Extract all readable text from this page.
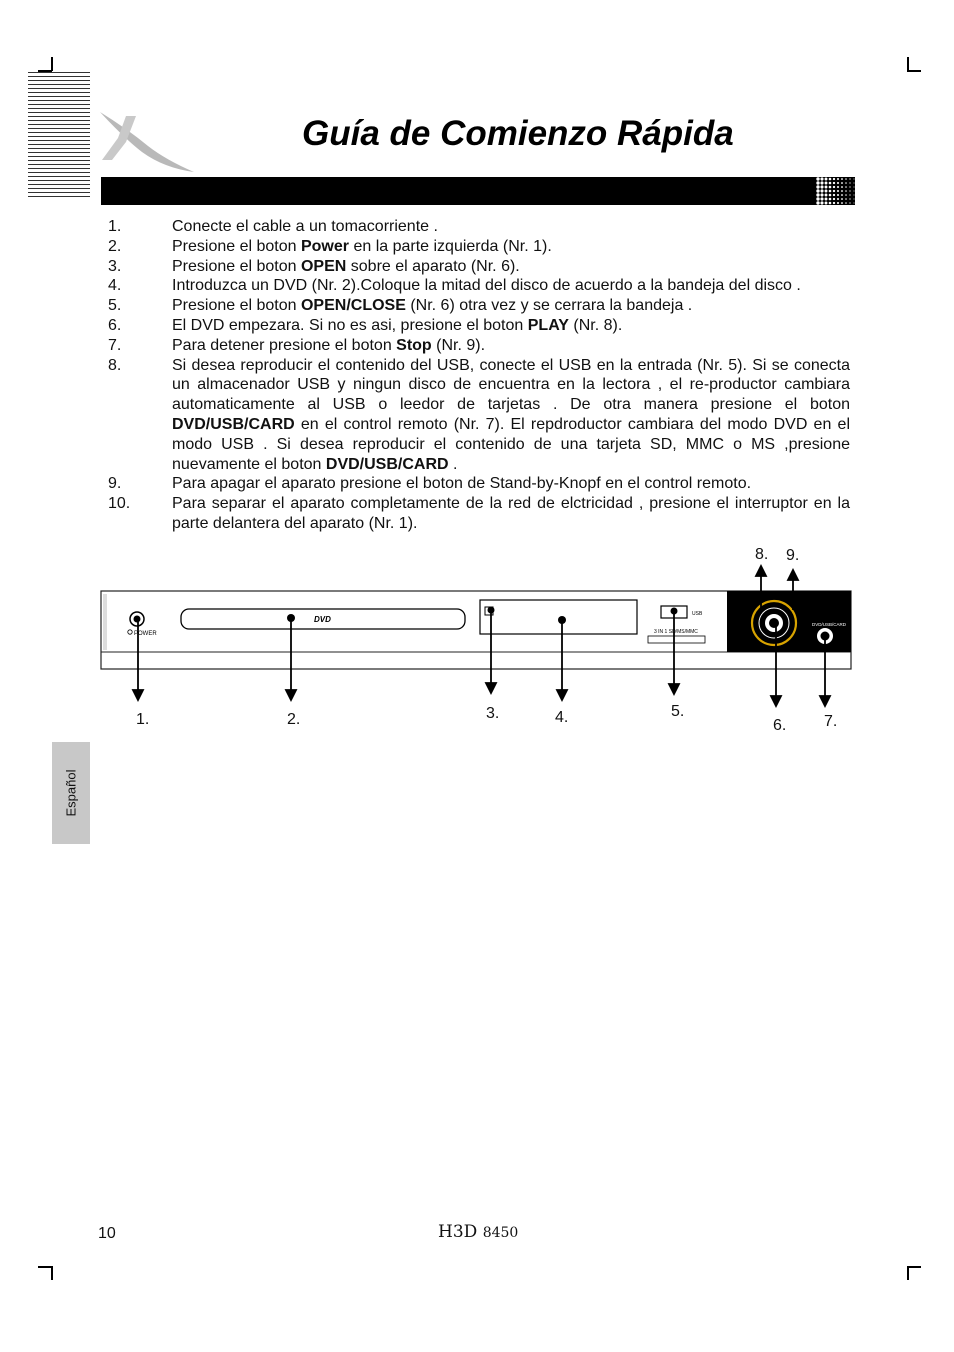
Guía de Comienzo Rápida
1.	Conecte el cable a un tomacorriente .
2.	Presione el boton Power en la parte izquierda (Nr. 1).
3.	Presione el boton OPEN sobre el aparato (Nr. 6).
4.	Introduzca un DVD (Nr. 2).Coloque la mitad del disco de acuerdo a la bandeja del disco .
5.	Presione el boton OPEN/CLOSE (Nr. 6) otra vez y se cerrara la bandeja .
6.	El DVD empezara. Si no es asi, presione el boton PLAY (Nr. 8).
7.	Para detener presione el boton Stop (Nr. 9).
8.	Si desea reproducir el contenido del USB, conecte el USB en la entrada (Nr. 5). Si se conecta un almacenador USB y ningun disco de encuentra en la lectora , el re-productor cambiara automaticamente al USB o leedor de tarjetas . De otra manera presione el boton DVD/USB/CARD en el control remoto (Nr. 7). El repdroductor cambiara del modo DVD en el modo USB . Si desea reproducir el contenido de una tarjeta SD, MMC o MS ,presione nuevamente el boton DVD/USB/CARD .
9.	Para apagar el aparato presione el boton de Stand-by-Knopf en el control remoto.
10.	Para separar el aparato completamente de la red de elctricidad , presione el interruptor en la parte delantera del aparato (Nr. 1).
POWER
DVD
USB
3 IN 1 SD/MS/MMC
DVD/USB/CARD
1.	2.	3.	4.	5.
6. 7.
8. 9.
Español
10	H3D 8450
